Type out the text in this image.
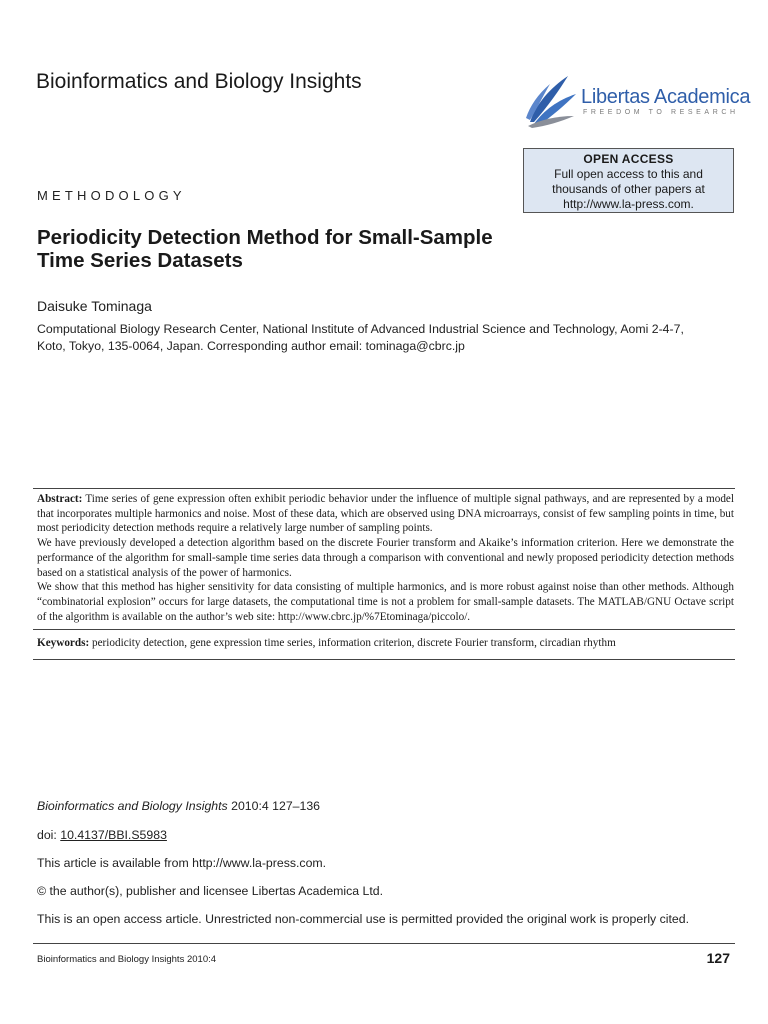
Bioinformatics and Biology Insights
Libertas Academica
FREEDOM TO RESEARCH
OPEN ACCESS
Full open access to this and
thousands of other papers at
http://www.la-press.com.
METHODOLOGY
Periodicity Detection Method for Small-Sample
Time Series Datasets
Daisuke Tominaga
Computational Biology Research Center, National Institute of Advanced Industrial Science and Technology, Aomi 2-4-7,
Koto, Tokyo, 135-0064, Japan. Corresponding author email: tominaga@cbrc.jp

Abstract: Time series of gene expression often exhibit periodic behavior under the influence of multiple signal pathways, and are represented by a model that incorporates multiple harmonics and noise. Most of these data, which are observed using DNA microarrays, consist of few sampling points in time, but most periodicity detection methods require a relatively large number of sampling points.

We have previously developed a detection algorithm based on the discrete Fourier transform and Akaike’s information criterion. Here we demonstrate the performance of the algorithm for small-sample time series data through a comparison with conventional and newly proposed periodicity detection methods based on a statistical analysis of the power of harmonics.

We show that this method has higher sensitivity for data consisting of multiple harmonics, and is more robust against noise than other methods. Although “combinatorial explosion” occurs for large datasets, the computational time is not a problem for small-sample datasets. The MATLAB/GNU Octave script of the algorithm is available on the author’s web site: http://www.cbrc.jp/%7Etominaga/piccolo/.

Keywords: periodicity detection, gene expression time series, information criterion, discrete Fourier transform, circadian rhythm
Bioinformatics and Biology Insights 2010:4 127–136
doi: 10.4137/BBI.S5983
This article is available from http://www.la-press.com.
© the author(s), publisher and licensee Libertas Academica Ltd.
This is an open access article. Unrestricted non-commercial use is permitted provided the original work is properly cited.
Bioinformatics and Biology Insights 2010:4	127
